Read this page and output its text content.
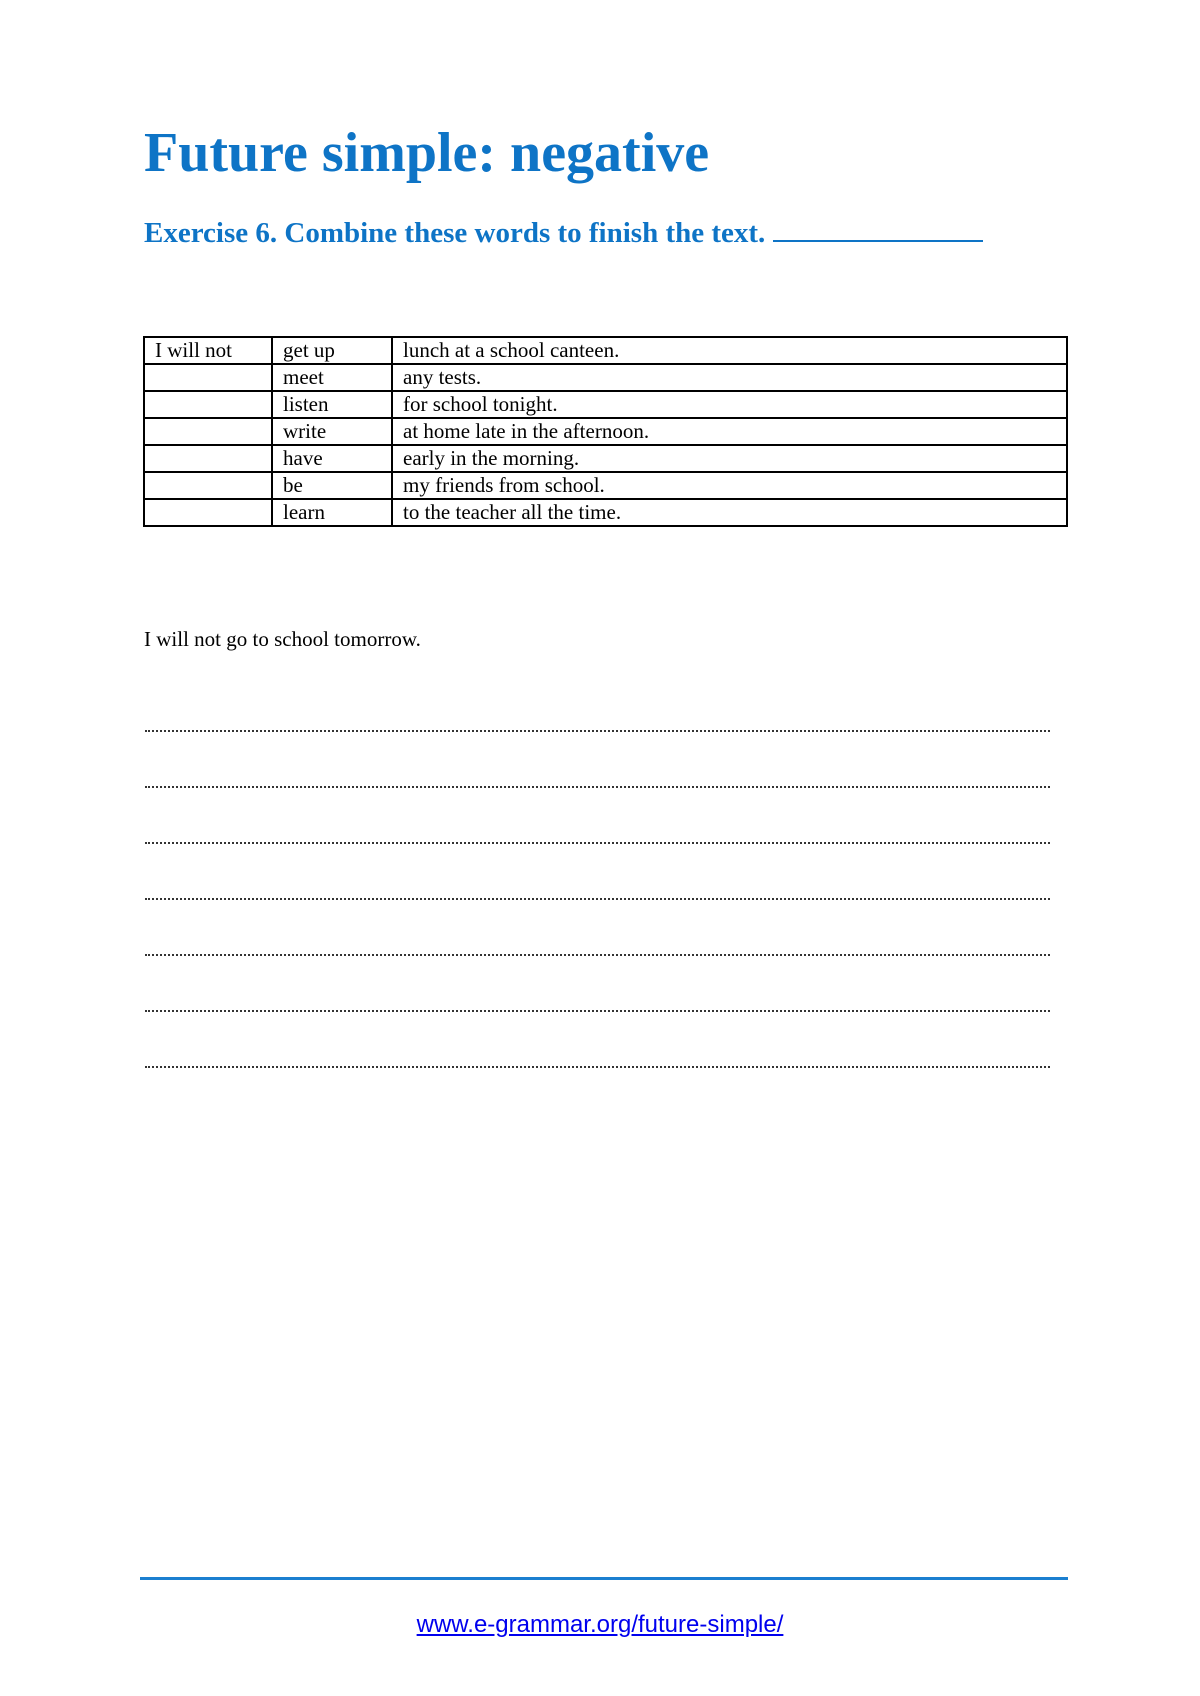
Future simple: negative
Exercise 6. Combine these words to finish the text.
I will not	get up	lunch at a school canteen.
	meet	any tests.
	listen	for school tonight.
	write	at home late in the afternoon.
	have	early in the morning.
	be	my friends from school.
	learn	to the teacher all the time.

I will not go to school tomorrow.

www.e-grammar.org/future-simple/
